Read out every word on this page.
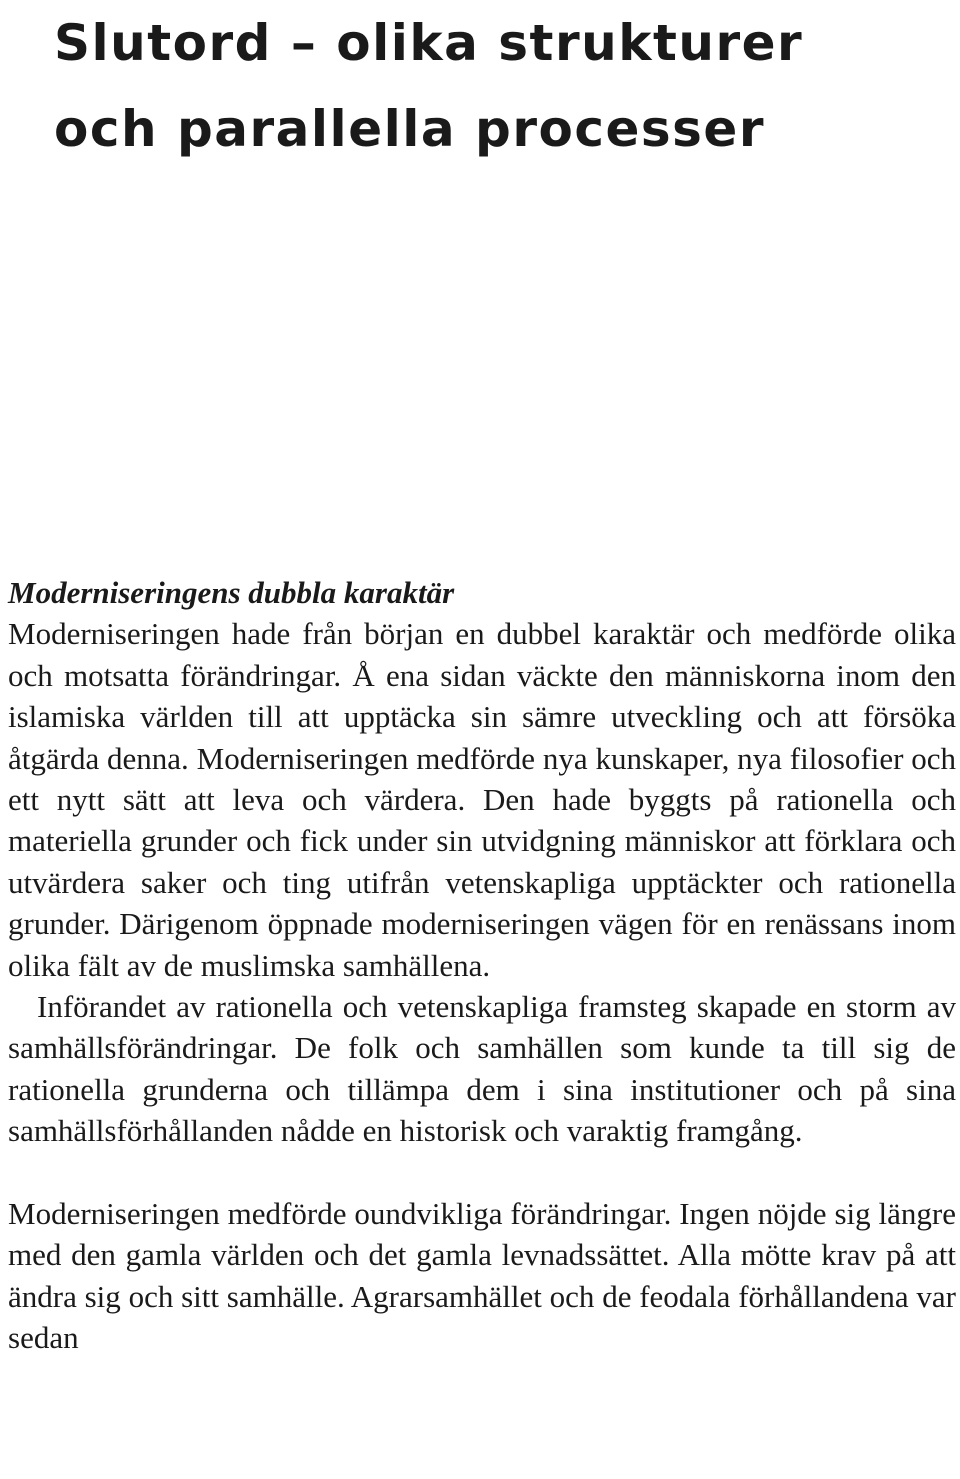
Slutord – olika strukturer
och parallella processer

Moderniseringens dubbla karaktär

Moderniseringen hade från början en dubbel karaktär och medförde olika och motsatta förändringar. Å ena sidan väckte den människorna inom den islamiska världen till att upptäcka sin sämre utveckling och att försöka åtgärda denna. Moderniseringen medförde nya kunskaper, nya filosofier och ett nytt sätt att leva och värdera. Den hade byggts på rationella och materiella grunder och fick under sin utvidgning människor att förklara och utvärdera saker och ting utifrån vetenskapliga upptäckter och rationella grunder. Därigenom öppnade moderniseringen vägen för en renässans inom olika fält av de muslimska samhällena.

Införandet av rationella och vetenskapliga framsteg skapade en storm av samhällsförändringar. De folk och samhällen som kunde ta till sig de rationella grunderna och tillämpa dem i sina institutioner och på sina samhällsförhållanden nådde en historisk och varaktig framgång.

Moderniseringen medförde oundvikliga förändringar. Ingen nöjde sig längre med den gamla världen och det gamla levnadssättet. Alla mötte krav på att ändra sig och sitt samhälle. Agrarsamhället och de feodala förhållandena var sedan
